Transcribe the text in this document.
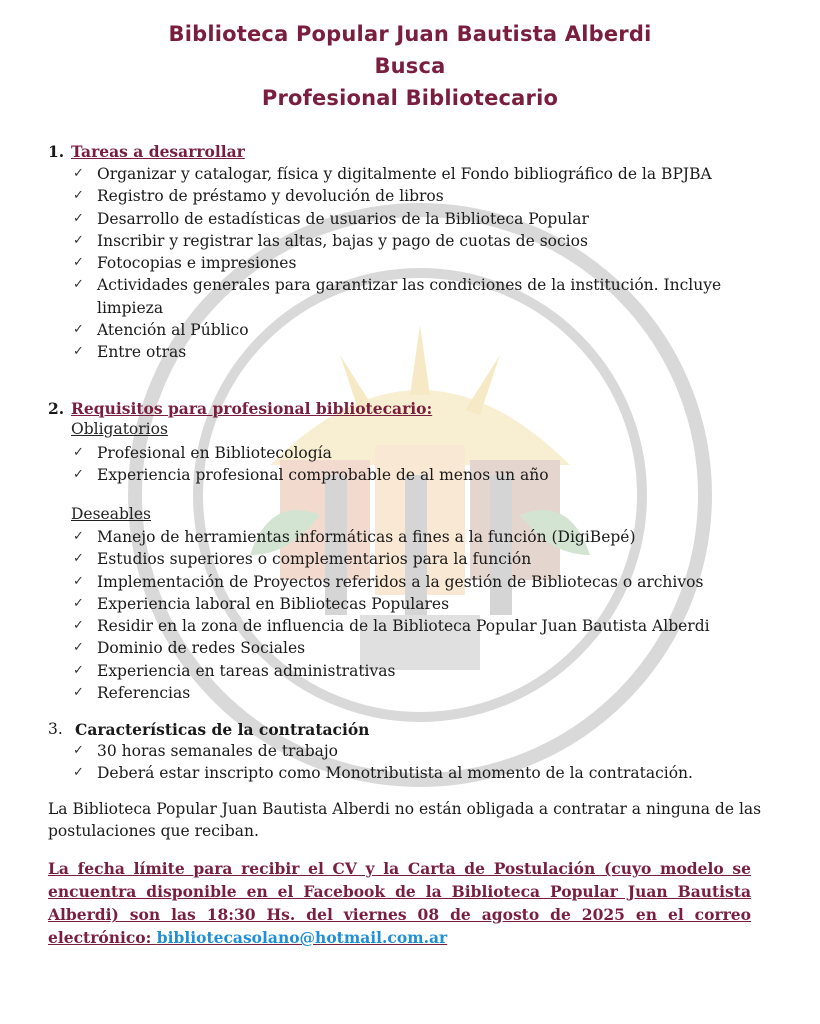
Biblioteca Popular Juan Bautista Alberdi
Busca
Profesional Bibliotecario
1. Tareas a desarrollar
✓ Organizar y catalogar, física y digitalmente el Fondo bibliográfico de la BPJBA
✓ Registro de préstamo y devolución de libros
✓ Desarrollo de estadísticas de usuarios de la Biblioteca Popular
✓ Inscribir y registrar las altas, bajas y pago de cuotas de socios
✓ Fotocopias e impresiones
✓ Actividades generales para garantizar las condiciones de la institución. Incluye limpieza
✓ Atención al Público
✓ Entre otras
2. Requisitos para profesional bibliotecario:
Obligatorios
✓ Profesional en Bibliotecología
✓ Experiencia profesional comprobable de al menos un año
Deseables
✓ Manejo de herramientas informáticas a fines a la función (DigiBepé)
✓ Estudios superiores o complementarios para la función
✓ Implementación de Proyectos referidos a la gestión de Bibliotecas o archivos
✓ Experiencia laboral en Bibliotecas Populares
✓ Residir en la zona de influencia de la Biblioteca Popular Juan Bautista Alberdi
✓ Dominio de redes Sociales
✓ Experiencia en tareas administrativas
✓ Referencias
3. Características de la contratación
✓ 30 horas semanales de trabajo
✓ Deberá estar inscripto como Monotributista al momento de la contratación.
La Biblioteca Popular Juan Bautista Alberdi no están obligada a contratar a ninguna de las postulaciones que reciban.
La fecha límite para recibir el CV y la Carta de Postulación (cuyo modelo se encuentra disponible en el Facebook de la Biblioteca Popular Juan Bautista Alberdi) son las 18:30 Hs. del viernes 08 de agosto de 2025 en el correo electrónico: bibliotecasolano@hotmail.com.ar
